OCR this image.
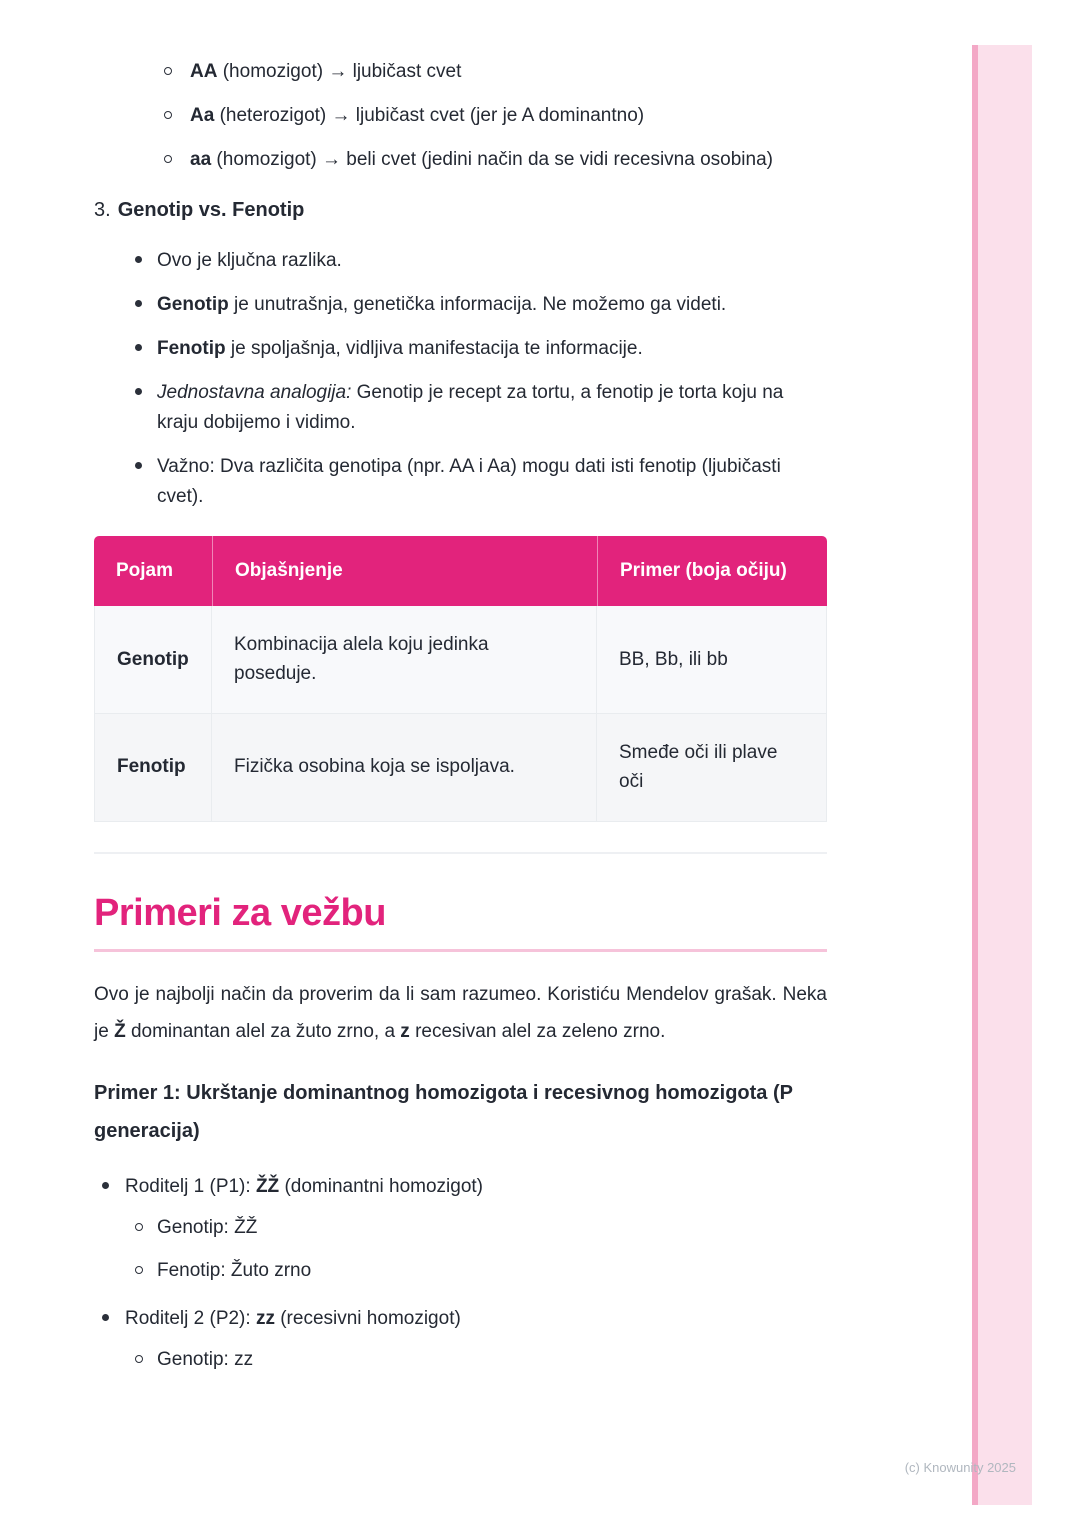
AA (homozigot) → ljubičast cvet
Aa (heterozigot) → ljubičast cvet (jer je A dominantno)
aa (homozigot) → beli cvet (jedini način da se vidi recesivna osobina)
3. Genotip vs. Fenotip
Ovo je ključna razlika.
Genotip je unutrašnja, genetička informacija. Ne možemo ga videti.
Fenotip je spoljašnja, vidljiva manifestacija te informacije.
Jednostavna analogija: Genotip je recept za tortu, a fenotip je torta koju na kraju dobijemo i vidimo.
Važno: Dva različita genotipa (npr. AA i Aa) mogu dati isti fenotip (ljubičasti cvet).
Pojam	Objašnjenje	Primer (boja očiju)
Genotip	Kombinacija alela koju jedinka poseduje.	BB, Bb, ili bb
Fenotip	Fizička osobina koja se ispoljava.	Smeđe oči ili plave oči
Primeri za vežbu

Ovo je najbolji način da proverim da li sam razumeo. Koristiću Mendelov grašak. Neka je Ž dominantan alel za žuto zrno, a z recesivan alel za zeleno zrno.

Primer 1: Ukrštanje dominantnog homozigota i recesivnog homozigota (P generacija)
Roditelj 1 (P1): ŽŽ (dominantni homozigot)
Genotip: ŽŽ
Fenotip: Žuto zrno
Roditelj 2 (P2): zz (recesivni homozigot)
Genotip: zz
(c) Knowunity 2025
